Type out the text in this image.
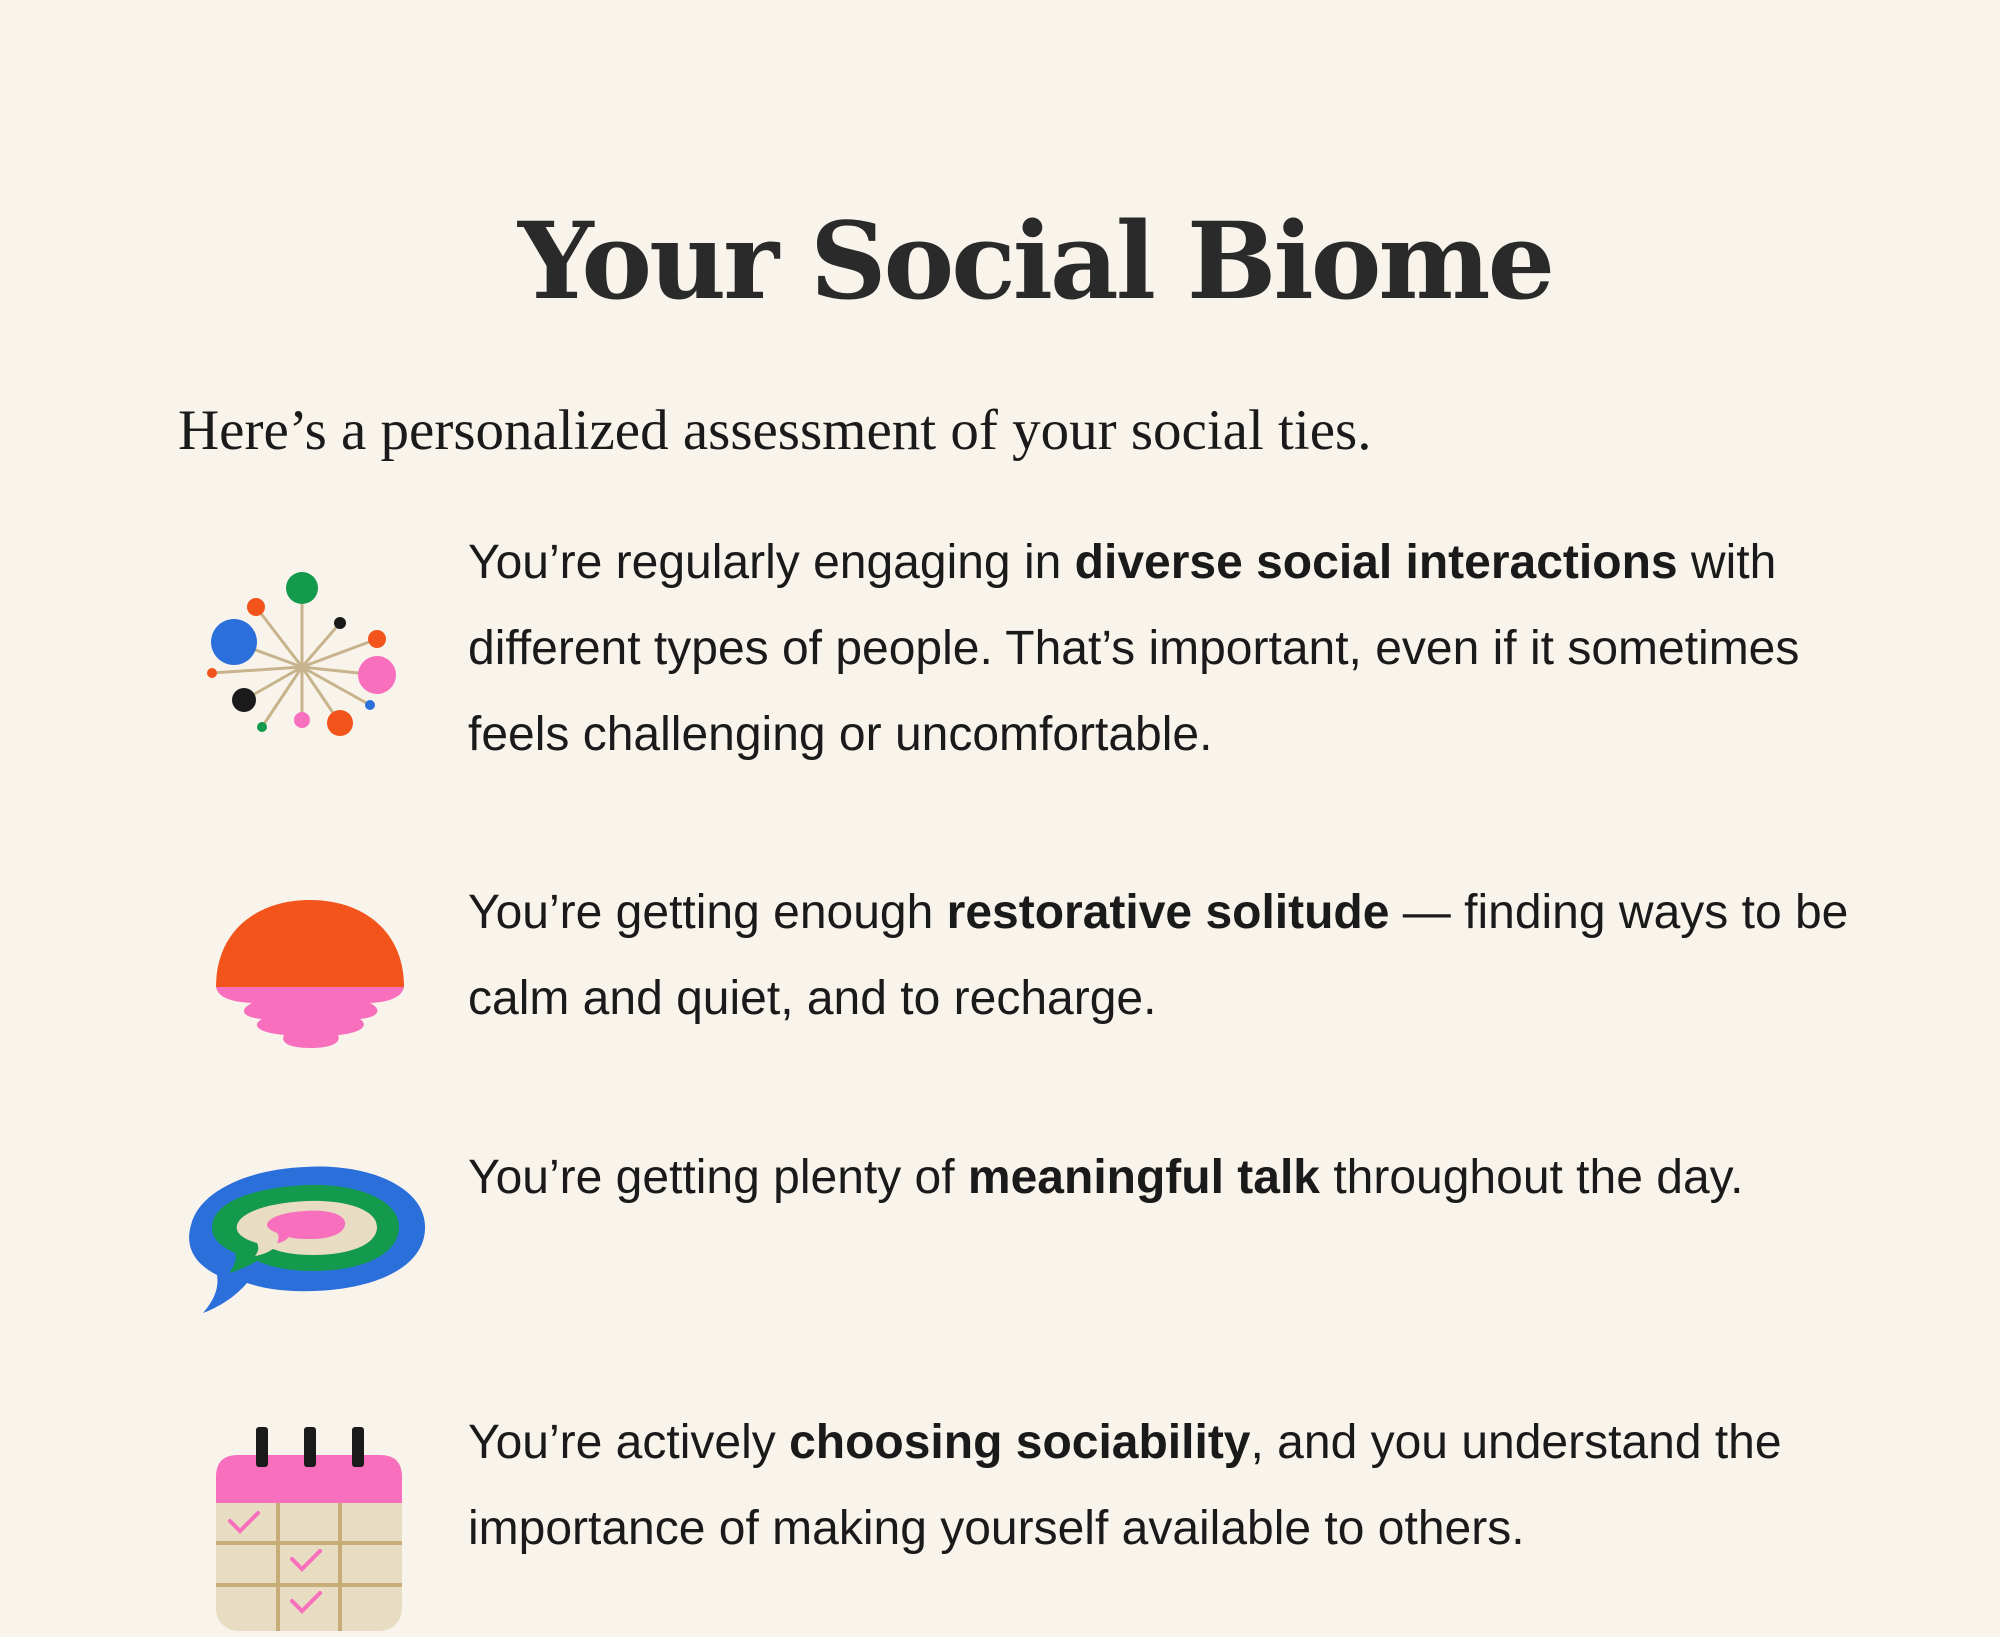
Your Social Biome

Here’s a personalized assessment of your social ties.

You’re regularly engaging in diverse social interactions with different types of people. That’s important, even if it sometimes feels challenging or uncomfortable.

You’re getting enough restorative solitude — finding ways to be calm and quiet, and to recharge.

You’re getting plenty of meaningful talk throughout the day.

You’re actively choosing sociability, and you understand the importance of making yourself available to others.
